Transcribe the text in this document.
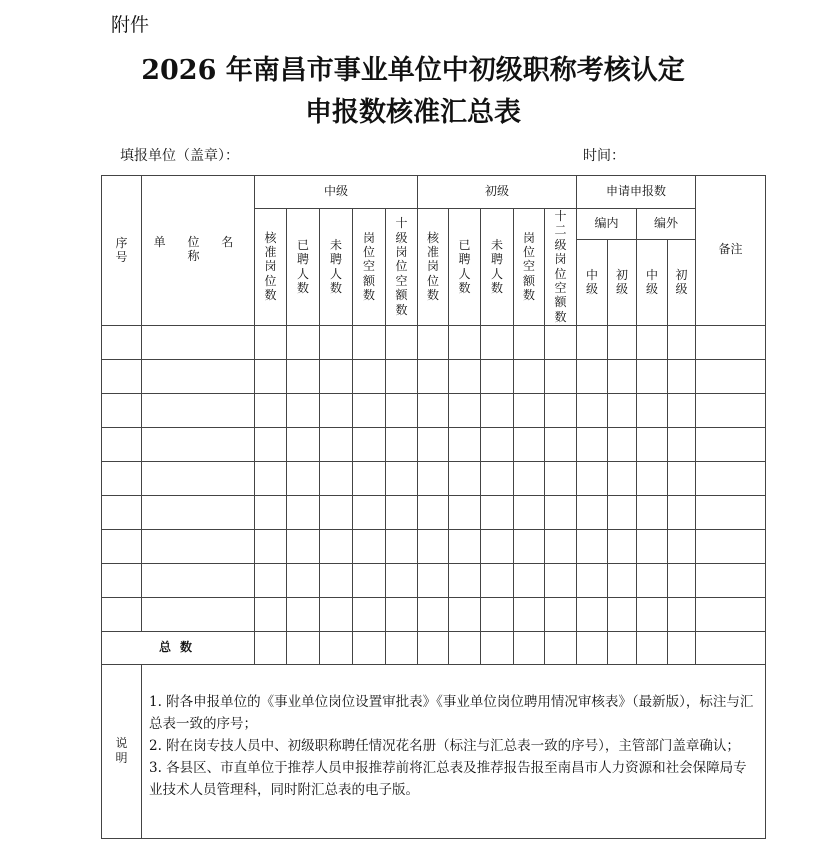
附件
2026 年南昌市事业单位中初级职称考核认定
申报数核准汇总表
填报单位（盖章）：	时间：
序号	单 位 名 称	中级					初级					申请申报数				备注
		核准岗位数	已聘人数	未聘人数	岗位空额数	十级岗位空额数	核准岗位数	已聘人数	未聘人数	岗位空额数	十二级岗位空额数	编内		编外		
												中级	初级	中级	初级	

总数																
说明	1. 附各申报单位的《事业单位岗位设置审批表》《事业单位岗位聘用情况审核表》（最新版），标注与汇总表一致的序号；
2. 附在岗专技人员中、初级职称聘任情况花名册（标注与汇总表一致的序号），主管部门盖章确认；
3. 各县区、市直单位于推荐人员申报推荐前将汇总表及推荐报告报至南昌市人力资源和社会保障局专业技术人员管理科，同时附汇总表的电子版。															
